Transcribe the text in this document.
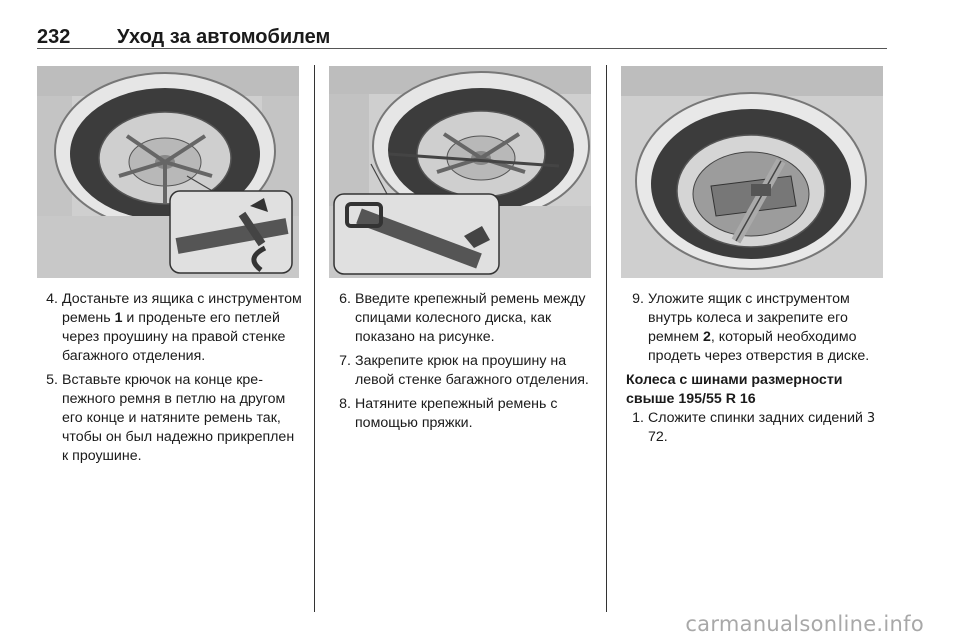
232 Уход за автомобилем
4. Достаньте из ящика с инструментом ремень 1 и проденьте его петлей через проушину на правой стенке багажного отделения.

5. Вставьте крючок на конце крепежного ремня в петлю на другом его конце и натяните ремень так, чтобы он был надежно прикреплен к проушине.

6. Введите крепежный ремень между спицами колесного диска, как показано на рисунке.

7. Закрепите крюк на проушину на левой стенке багажного отделения.

8. Натяните крепежный ремень с помощью пряжки.

9. Уложите ящик с инструментом внутрь колеса и закрепите его ремнем 2, который необходимо продеть через отверстия в диске.

Колеса с шинами размерности свыше 195/55 R 16

1. Сложите спинки задних сидений 3 72.

carmanualsonline.info
